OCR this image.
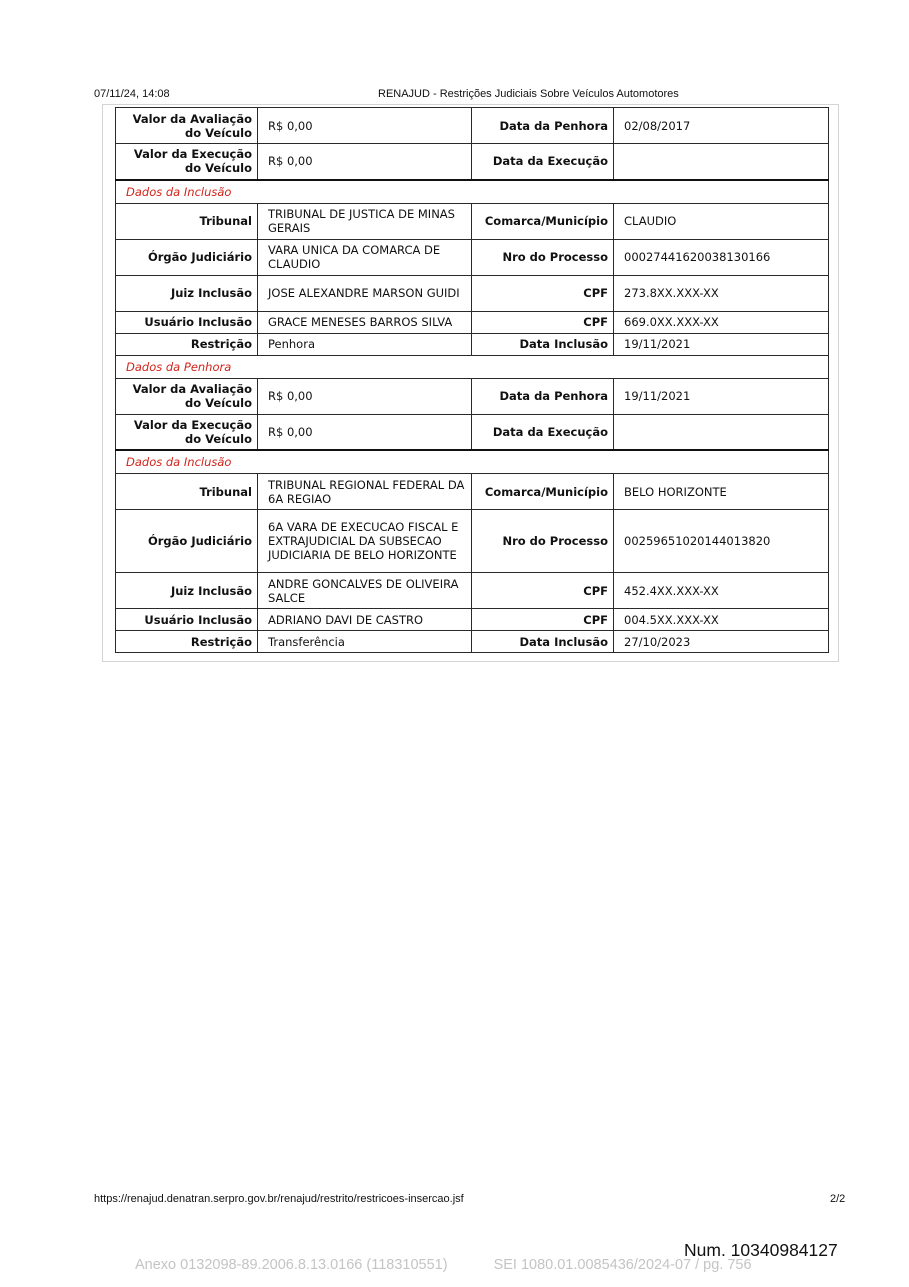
07/11/24, 14:08	RENAJUD - Restrições Judiciais Sobre Veículos Automotores
Valor da Avaliação do Veículo	R$ 0,00	Data da Penhora	02/08/2017
Valor da Execução do Veículo	R$ 0,00	Data da Execução	
Dados da Inclusão			
Tribunal	TRIBUNAL DE JUSTICA DE MINAS GERAIS	Comarca/Município	CLAUDIO
Órgão Judiciário	VARA UNICA DA COMARCA DE CLAUDIO	Nro do Processo	00027441620038130166
Juiz Inclusão	JOSE ALEXANDRE MARSON GUIDI	CPF	273.8XX.XXX-XX
Usuário Inclusão	GRACE MENESES BARROS SILVA	CPF	669.0XX.XXX-XX
Restrição	Penhora	Data Inclusão	19/11/2021
Dados da Penhora			
Valor da Avaliação do Veículo	R$ 0,00	Data da Penhora	19/11/2021
Valor da Execução do Veículo	R$ 0,00	Data da Execução	
Dados da Inclusão			
Tribunal	TRIBUNAL REGIONAL FEDERAL DA 6A REGIAO	Comarca/Município	BELO HORIZONTE
Órgão Judiciário	6A VARA DE EXECUCAO FISCAL E EXTRAJUDICIAL DA SUBSECAO JUDICIARIA DE BELO HORIZONTE	Nro do Processo	00259651020144013820
Juiz Inclusão	ANDRE GONCALVES DE OLIVEIRA SALCE	CPF	452.4XX.XXX-XX
Usuário Inclusão	ADRIANO DAVI DE CASTRO	CPF	004.5XX.XXX-XX
Restrição	Transferência	Data Inclusão	27/10/2023
https://renajud.denatran.serpro.gov.br/renajud/restrito/restricoes-insercao.jsf	2/2
Num. 10340984127
Anexo 0132098-89.2006.8.13.0166 (118310551)	SEI 1080.01.0085436/2024-07 / pg. 756
